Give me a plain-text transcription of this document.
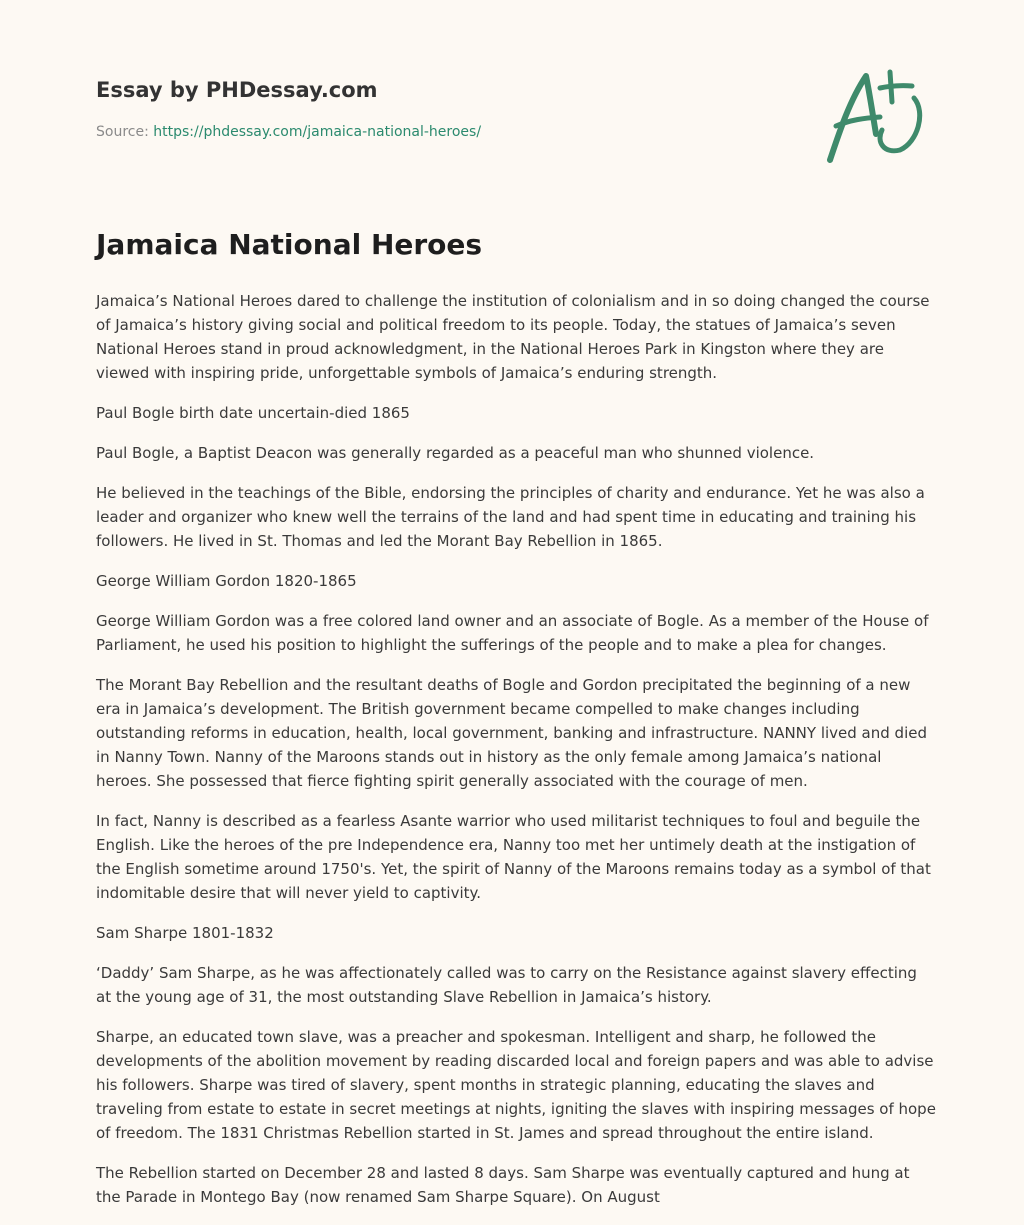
Essay by PHDessay.com
Source: https://phdessay.com/jamaica-national-heroes/
Jamaica National Heroes

Jamaica’s National Heroes dared to challenge the institution of colonialism and in so doing changed the course of Jamaica’s history giving social and political freedom to its people. Today, the statues of Jamaica’s seven National Heroes stand in proud acknowledgment, in the National Heroes Park in Kingston where they are viewed with inspiring pride, unforgettable symbols of Jamaica’s enduring strength.

Paul Bogle birth date uncertain-died 1865

Paul Bogle, a Baptist Deacon was generally regarded as a peaceful man who shunned violence.

He believed in the teachings of the Bible, endorsing the principles of charity and endurance. Yet he was also a leader and organizer who knew well the terrains of the land and had spent time in educating and training his followers. He lived in St. Thomas and led the Morant Bay Rebellion in 1865.

George William Gordon 1820-1865

George William Gordon was a free colored land owner and an associate of Bogle. As a member of the House of Parliament, he used his position to highlight the sufferings of the people and to make a plea for changes.

The Morant Bay Rebellion and the resultant deaths of Bogle and Gordon precipitated the beginning of a new era in Jamaica’s development. The British government became compelled to make changes including outstanding reforms in education, health, local government, banking and infrastructure. NANNY lived and died in Nanny Town. Nanny of the Maroons stands out in history as the only female among Jamaica’s national heroes. She possessed that fierce fighting spirit generally associated with the courage of men.

In fact, Nanny is described as a fearless Asante warrior who used militarist techniques to foul and beguile the English. Like the heroes of the pre Independence era, Nanny too met her untimely death at the instigation of the English sometime around 1750's. Yet, the spirit of Nanny of the Maroons remains today as a symbol of that indomitable desire that will never yield to captivity.

Sam Sharpe 1801-1832

‘Daddy’ Sam Sharpe, as he was affectionately called was to carry on the Resistance against slavery effecting at the young age of 31, the most outstanding Slave Rebellion in Jamaica’s history.

Sharpe, an educated town slave, was a preacher and spokesman. Intelligent and sharp, he followed the developments of the abolition movement by reading discarded local and foreign papers and was able to advise his followers. Sharpe was tired of slavery, spent months in strategic planning, educating the slaves and traveling from estate to estate in secret meetings at nights, igniting the slaves with inspiring messages of hope of freedom. The 1831 Christmas Rebellion started in St. James and spread throughout the entire island.

The Rebellion started on December 28 and lasted 8 days. Sam Sharpe was eventually captured and hung at the Parade in Montego Bay (now renamed Sam Sharpe Square). On August
